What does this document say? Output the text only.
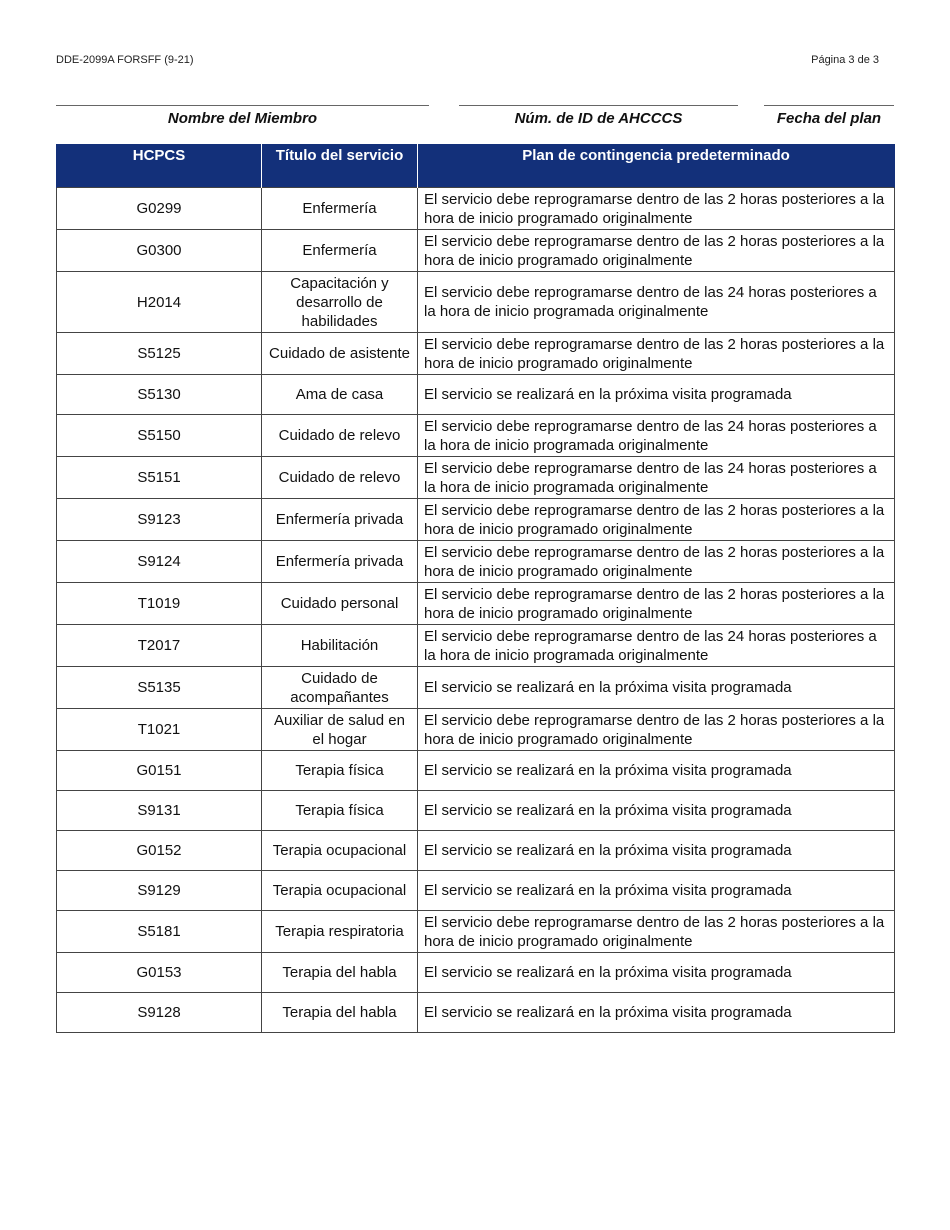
DDE-2099A FORSFF (9-21)	Página 3 de 3
Nombre del Miembro	Núm. de ID de AHCCCS	Fecha del plan
HCPCS	Título del servicio	Plan de contingencia predeterminado
G0299	Enfermería	El servicio debe reprogramarse dentro de las 2 horas posteriores a la hora de inicio programado originalmente
G0300	Enfermería	El servicio debe reprogramarse dentro de las 2 horas posteriores a la hora de inicio programado originalmente
H2014	Capacitación y desarrollo de habilidades	El servicio debe reprogramarse dentro de las 24 horas posteriores a la hora de inicio programada originalmente
S5125	Cuidado de asistente	El servicio debe reprogramarse dentro de las 2 horas posteriores a la hora de inicio programado originalmente
S5130	Ama de casa	El servicio se realizará en la próxima visita programada
S5150	Cuidado de relevo	El servicio debe reprogramarse dentro de las 24 horas posteriores a la hora de inicio programada originalmente
S5151	Cuidado de relevo	El servicio debe reprogramarse dentro de las 24 horas posteriores a la hora de inicio programada originalmente
S9123	Enfermería privada	El servicio debe reprogramarse dentro de las 2 horas posteriores a la hora de inicio programado originalmente
S9124	Enfermería privada	El servicio debe reprogramarse dentro de las 2 horas posteriores a la hora de inicio programado originalmente
T1019	Cuidado personal	El servicio debe reprogramarse dentro de las 2 horas posteriores a la hora de inicio programado originalmente
T2017	Habilitación	El servicio debe reprogramarse dentro de las 24 horas posteriores a la hora de inicio programada originalmente
S5135	Cuidado de acompañantes	El servicio se realizará en la próxima visita programada
T1021	Auxiliar de salud en el hogar	El servicio debe reprogramarse dentro de las 2 horas posteriores a la hora de inicio programado originalmente
G0151	Terapia física	El servicio se realizará en la próxima visita programada
S9131	Terapia física	El servicio se realizará en la próxima visita programada
G0152	Terapia ocupacional	El servicio se realizará en la próxima visita programada
S9129	Terapia ocupacional	El servicio se realizará en la próxima visita programada
S5181	Terapia respiratoria	El servicio debe reprogramarse dentro de las 2 horas posteriores a la hora de inicio programado originalmente
G0153	Terapia del habla	El servicio se realizará en la próxima visita programada
S9128	Terapia del habla	El servicio se realizará en la próxima visita programada
